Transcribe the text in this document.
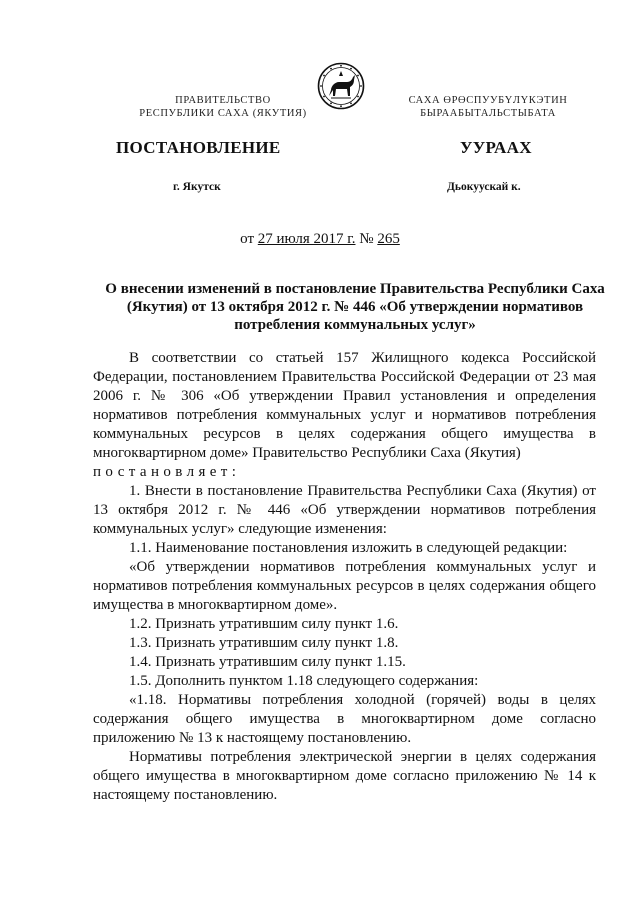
ПРАВИТЕЛЬСТВО
РЕСПУБЛИКИ САХА (ЯКУТИЯ)
САХА ӨРӨСПУУБҮЛҮКЭТИН
БЫРААБЫТАЛЬСТЫБАТА
ПОСТАНОВЛЕНИЕ	УУРААХ
г. Якутск	Дьокуускай к.
от 27 июля 2017 г. № 265
О внесении изменений в постановление Правительства Республики Саха (Якутия) от 13 октября 2012 г. № 446 «Об утверждении нормативов потребления коммунальных услуг»

В соответствии со статьей 157 Жилищного кодекса Российской Федерации, постановлением Правительства Российской Федерации от 23 мая 2006 г. № 306 «Об утверждении Правил установления и определения нормативов потребления коммунальных услуг и нормативов потребления коммунальных ресурсов в целях содержания общего имущества в многоквартирном доме» Правительство Республики Саха (Якутия)
постановляет:

1. Внести в постановление Правительства Республики Саха (Якутия) от 13 октября 2012 г. № 446 «Об утверждении нормативов потребления коммунальных услуг» следующие изменения:

1.1. Наименование постановления изложить в следующей редакции:

«Об утверждении нормативов потребления коммунальных услуг и нормативов потребления коммунальных ресурсов в целях содержания общего имущества в многоквартирном доме».

1.2. Признать утратившим силу пункт 1.6.

1.3. Признать утратившим силу пункт 1.8.

1.4. Признать утратившим силу пункт 1.15.

1.5. Дополнить пунктом 1.18 следующего содержания:

«1.18. Нормативы потребления холодной (горячей) воды в целях содержания общего имущества в многоквартирном доме согласно приложению № 13 к настоящему постановлению.

Нормативы потребления электрической энергии в целях содержания общего имущества в многоквартирном доме согласно приложению № 14 к настоящему постановлению.
